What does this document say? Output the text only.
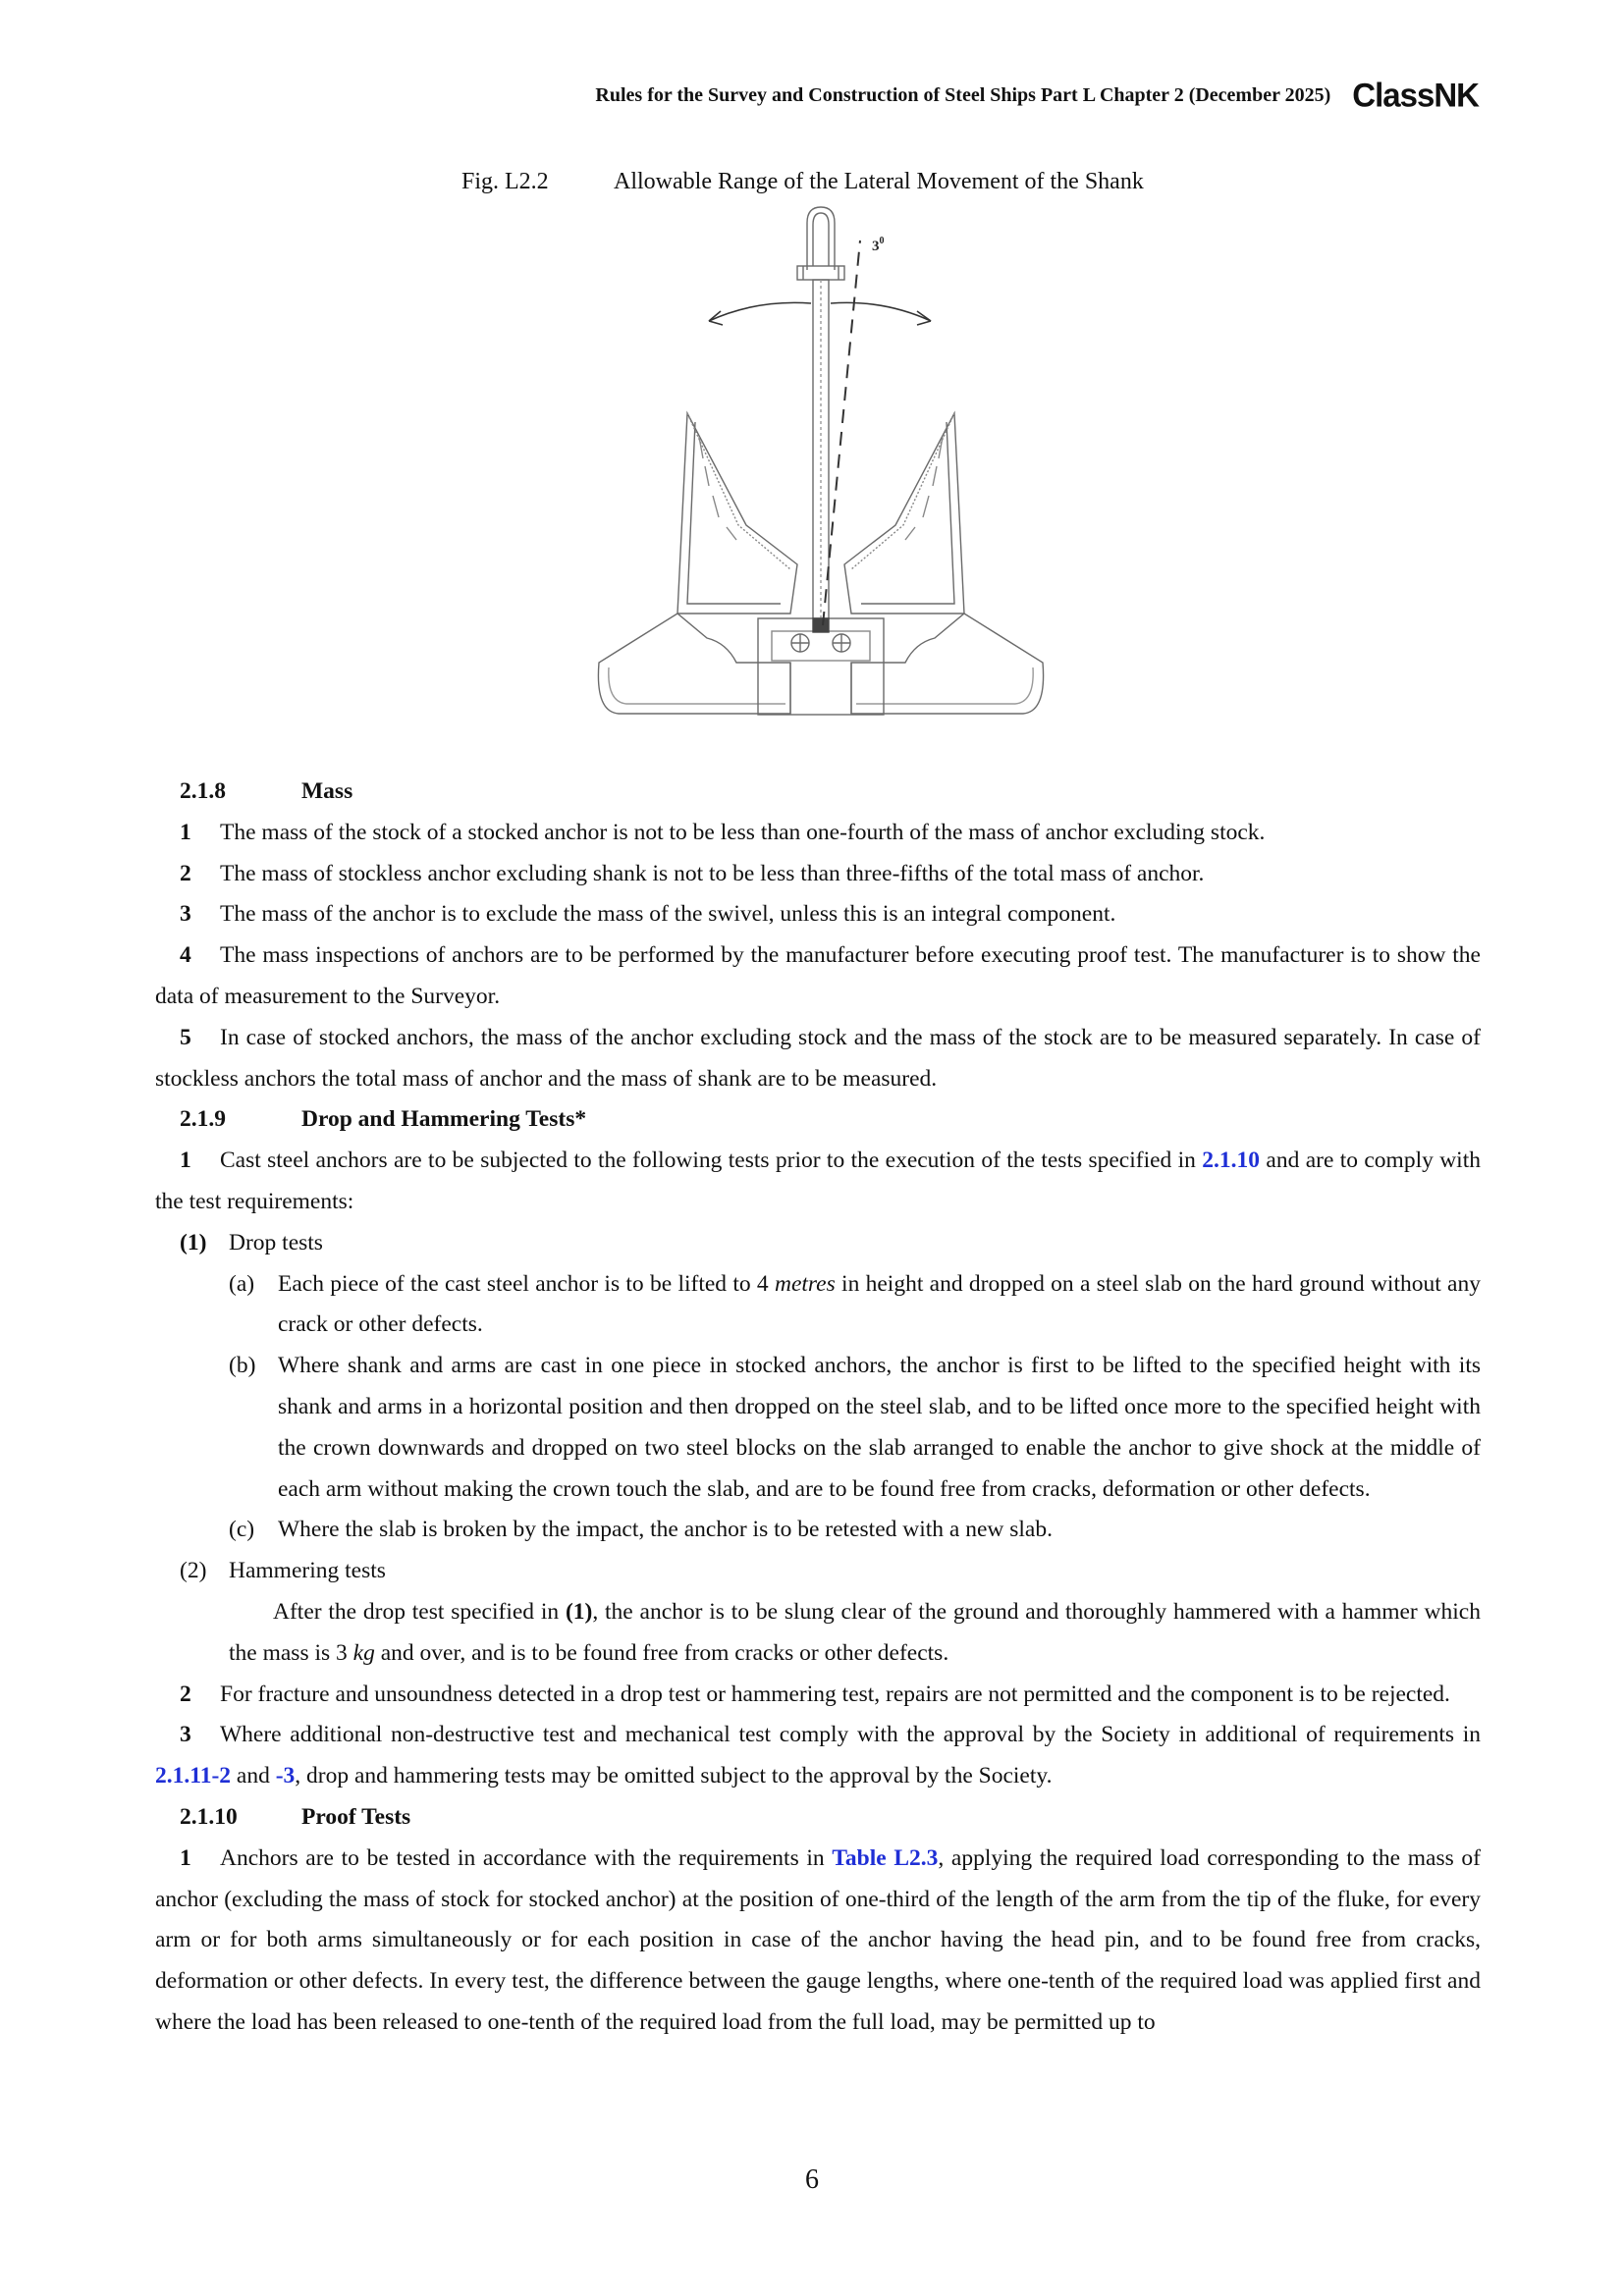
Rules for the Survey and Construction of Steel Ships Part L Chapter 2 (December 2025) ClassNK
Fig. L2.2	Allowable Range of the Lateral Movement of the Shank
$3^0$

2.1.8	Mass

1 The mass of the stock of a stocked anchor is not to be less than one-fourth of the mass of anchor excluding stock.

2 The mass of stockless anchor excluding shank is not to be less than three-fifths of the total mass of anchor.

3 The mass of the anchor is to exclude the mass of the swivel, unless this is an integral component.

4 The mass inspections of anchors are to be performed by the manufacturer before executing proof test. The manufacturer is to show the data of measurement to the Surveyor.

5 In case of stocked anchors, the mass of the anchor excluding stock and the mass of the stock are to be measured separately. In case of stockless anchors the total mass of anchor and the mass of shank are to be measured.

2.1.9	Drop and Hammering Tests*

1 Cast steel anchors are to be subjected to the following tests prior to the execution of the tests specified in 2.1.10 and are to comply with the test requirements:

(1) Drop tests

(a)	Each piece of the cast steel anchor is to be lifted to 4 metres in height and dropped on a steel slab on the hard ground without any crack or other defects.
(b) Where shank and arms are cast in one piece in stocked anchors, the anchor is first to be lifted to the specified height with its shank and arms in a horizontal position and then dropped on the steel slab, and to be lifted once more to the specified height with the crown downwards and dropped on two steel blocks on the slab arranged to enable the anchor to give shock at the middle of each arm without making the crown touch the slab, and are to be found free from cracks, deformation or other defects.
(c)	Where the slab is broken by the impact, the anchor is to be retested with a new slab.

(2) Hammering tests

After the drop test specified in (1), the anchor is to be slung clear of the ground and thoroughly hammered with a hammer which the mass is 3 kg and over, and is to be found free from cracks or other defects.

2 For fracture and unsoundness detected in a drop test or hammering test, repairs are not permitted and the component is to be rejected.

3 Where additional non-destructive test and mechanical test comply with the approval by the Society in additional of requirements in 2.1.11-2 and -3, drop and hammering tests may be omitted subject to the approval by the Society.

2.1.10	Proof Tests

1 Anchors are to be tested in accordance with the requirements in Table L2.3, applying the required load corresponding to the mass of anchor (excluding the mass of stock for stocked anchor) at the position of one-third of the length of the arm from the tip of the fluke, for every arm or for both arms simultaneously or for each position in case of the anchor having the head pin, and to be found free from cracks, deformation or other defects. In every test, the difference between the gauge lengths, where one-tenth of the required load was applied first and where the load has been released to one-tenth of the required load from the full load, may be permitted up to

6
